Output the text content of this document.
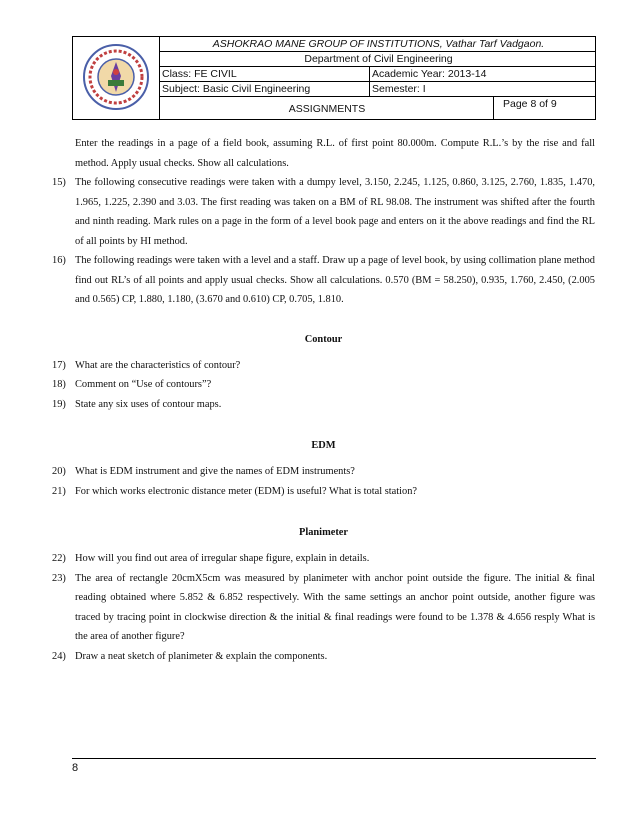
ASHOKRAO MANE GROUP OF INSTITUTIONS, Vathar Tarf Vadgaon.
Department of Civil Engineering
Class: FE CIVIL	Academic Year: 2013-14
Subject: Basic Civil Engineering	Semester: I
ASSIGNMENTS	Page 8 of 9
Enter the readings in a page of a field book, assuming R.L. of first point 80.000m. Compute R.L.’s by the rise and fall method. Apply usual checks. Show all calculations.
15) The following consecutive readings were taken with a dumpy level, 3.150, 2.245, 1.125, 0.860, 3.125, 2.760, 1.835, 1.470, 1.965, 1.225, 2.390 and 3.03. The first reading was taken on a BM of RL 98.08. The instrument was shifted after the fourth and ninth reading. Mark rules on a page in the form of a level book page and enters on it the above readings and find the RL of all points by HI method.
16) The following readings were taken with a level and a staff. Draw up a page of level book, by using collimation plane method find out RL’s of all points and apply usual checks. Show all calculations. 0.570 (BM = 58.250), 0.935, 1.760, 2.450, (2.005 and 0.565) CP, 1.880, 1.180, (3.670 and 0.610) CP, 0.705, 1.810.
Contour
17) What are the characteristics of contour?
18) Comment on “Use of contours”?
19) State any six uses of contour maps.
EDM
20) What is EDM instrument and give the names of EDM instruments?
21) For which works electronic distance meter (EDM) is useful? What is total station?
Planimeter
22) How will you find out area of irregular shape figure, explain in details.
23) The area of rectangle 20cmX5cm was measured by planimeter with anchor point outside the figure. The initial & final reading obtained where 5.852 & 6.852 respectively. With the same settings an anchor point outside, another figure was traced by tracing point in clockwise direction & the initial & final readings were found to be 1.378 & 4.656 resply What is the area of another figure?
24) Draw a neat sketch of planimeter & explain the components.
8
